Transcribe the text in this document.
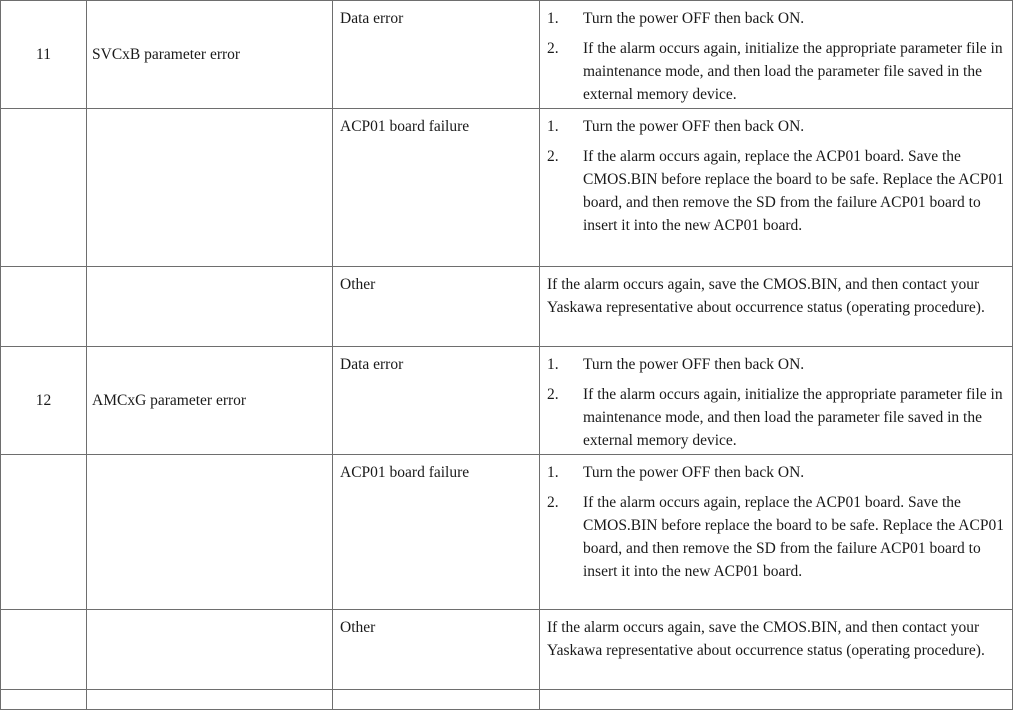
11	SVCxB parameter error	Data error	1. Turn the power OFF then back ON.
2. If the alarm occurs again, initialize the appropriate parameter file in maintenance mode, and then load the parameter file saved in the external memory device.

		ACP01 board failure	1. Turn the power OFF then back ON.
2. If the alarm occurs again, replace the ACP01 board. Save the CMOS.BIN before replace the board to be safe. Replace the ACP01 board, and then remove the SD from the failure ACP01 board to insert it into the new ACP01 board.

		Other	If the alarm occurs again, save the CMOS.BIN, and then contact your Yaskawa representative about occurrence status (operating procedure).

12	AMCxG parameter error	Data error	1. Turn the power OFF then back ON.
2. If the alarm occurs again, initialize the appropriate parameter file in maintenance mode, and then load the parameter file saved in the external memory device.

		ACP01 board failure	1. Turn the power OFF then back ON.
2. If the alarm occurs again, replace the ACP01 board. Save the CMOS.BIN before replace the board to be safe. Replace the ACP01 board, and then remove the SD from the failure ACP01 board to insert it into the new ACP01 board.

		Other	If the alarm occurs again, save the CMOS.BIN, and then contact your Yaskawa representative about occurrence status (operating procedure).
